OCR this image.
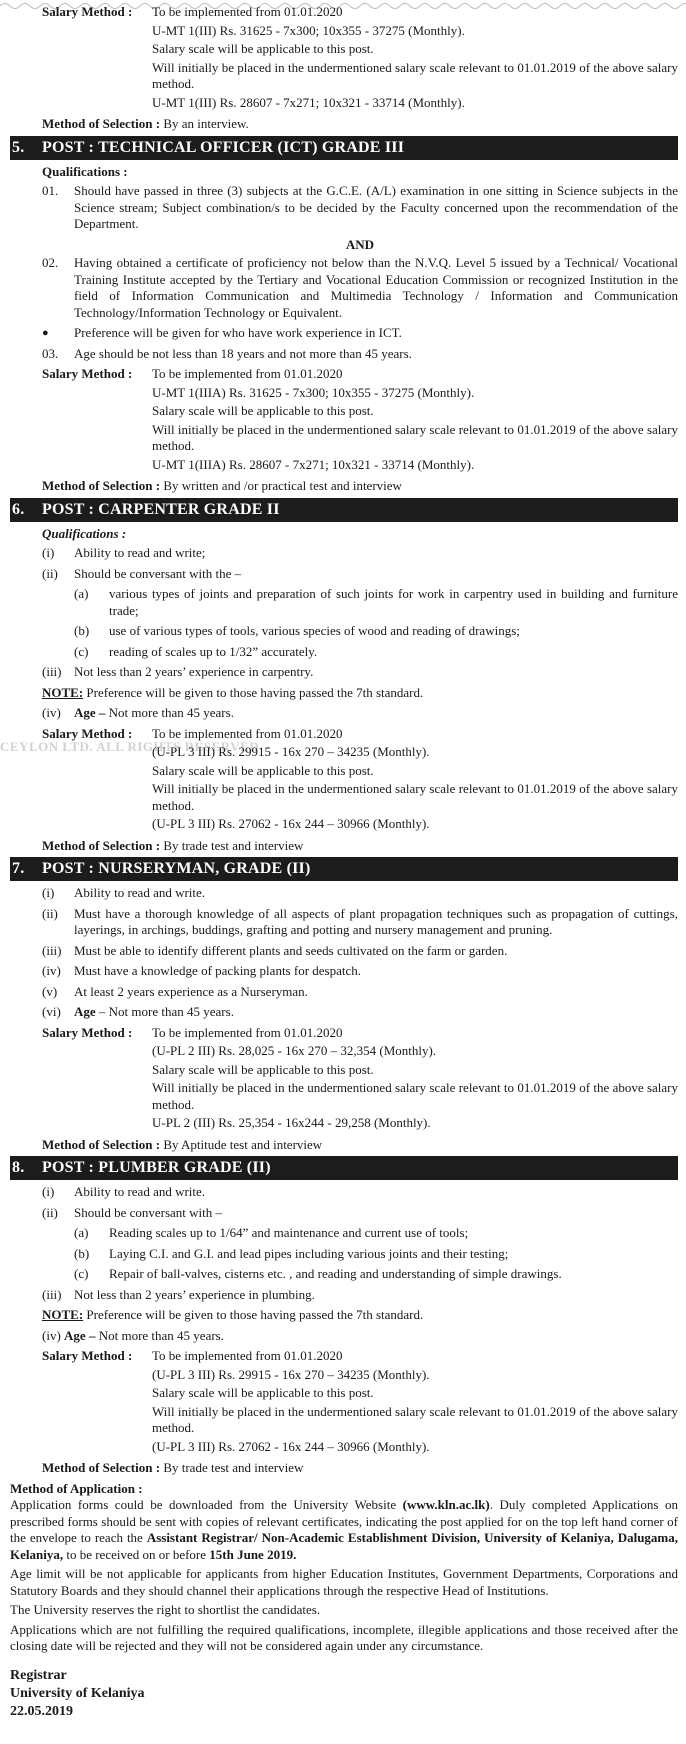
CEYLON LTD. ALL RIGHTS RESERVED
Salary Method :	To be implemented from 01.01.2020
U-MT 1(III) Rs. 31625 - 7x300; 10x355 - 37275 (Monthly).
Salary scale will be applicable to this post.
Will initially be placed in the undermentioned salary scale relevant to 01.01.2019 of the above salary method.
U-MT 1(III) Rs. 28607 - 7x271; 10x321 - 33714 (Monthly).
Method of Selection : By an interview.
5. POST : TECHNICAL OFFICER (ICT) GRADE III
Qualifications :
01.	Should have passed in three (3) subjects at the G.C.E. (A/L) examination in one sitting in Science subjects in the Science stream; Subject combination/s to be decided by the Faculty concerned upon the recommendation of the Department.
AND
02.	Having obtained a certificate of proficiency not below than the N.V.Q. Level 5 issued by a Technical/ Vocational Training Institute accepted by the Tertiary and Vocational Education Commission or recognized Institution in the field of Information Communication and Multimedia Technology / Information and Communication Technology/Information Technology or Equivalent.
●	Preference will be given for who have work experience in ICT.
03.	Age should be not less than 18 years and not more than 45 years.
Salary Method :	To be implemented from 01.01.2020
U-MT 1(IIIA) Rs. 31625 - 7x300; 10x355 - 37275 (Monthly).
Salary scale will be applicable to this post.
Will initially be placed in the undermentioned salary scale relevant to 01.01.2019 of the above salary method.
U-MT 1(IIIA) Rs. 28607 - 7x271; 10x321 - 33714 (Monthly).
Method of Selection : By written and /or practical test and interview
6. POST : CARPENTER GRADE II
Qualifications :
(i)	Ability to read and write;
(ii)	Should be conversant with the –
(a)	various types of joints and preparation of such joints for work in carpentry used in building and furniture trade;
(b)	use of various types of tools, various species of wood and reading of drawings;
(c)	reading of scales up to 1/32” accurately.
(iii) Not less than 2 years’ experience in carpentry.
NOTE: Preference will be given to those having passed the 7th standard.
(iv)	Age – Not more than 45 years.
Salary Method :	To be implemented from 01.01.2020
(U-PL 3 III) Rs. 29915 - 16x 270 – 34235 (Monthly).
Salary scale will be applicable to this post.
Will initially be placed in the undermentioned salary scale relevant to 01.01.2019 of the above salary method.
(U-PL 3 III) Rs. 27062 - 16x 244 – 30966 (Monthly).
Method of Selection : By trade test and interview
7. POST : NURSERYMAN, GRADE (II)
(i)	Ability to read and write.
(ii)	Must have a thorough knowledge of all aspects of plant propagation techniques such as propagation of cuttings, layerings, in archings, buddings, grafting and potting and nursery management and pruning.
(iii) Must be able to identify different plants and seeds cultivated on the farm or garden.
(iv)	Must have a knowledge of packing plants for despatch.
(v)	At least 2 years experience as a Nurseryman.
(vi)	Age – Not more than 45 years.
Salary Method :	To be implemented from 01.01.2020
(U-PL 2 III) Rs. 28,025 - 16x 270 – 32,354 (Monthly).
Salary scale will be applicable to this post.
Will initially be placed in the undermentioned salary scale relevant to 01.01.2019 of the above salary method.
U-PL 2 (III) Rs. 25,354 - 16x244 - 29,258 (Monthly).
Method of Selection : By Aptitude test and interview
8. POST : PLUMBER GRADE (II)
(i)	Ability to read and write.
(ii)	Should be conversant with –
(a)	Reading scales up to 1/64” and maintenance and current use of tools;
(b)	Laying C.I. and G.I. and lead pipes including various joints and their testing;
(c)	Repair of ball-valves, cisterns etc. , and reading and understanding of simple drawings.
(iii) Not less than 2 years’ experience in plumbing.
NOTE: Preference will be given to those having passed the 7th standard.
(iv) Age – Not more than 45 years.
Salary Method :	To be implemented from 01.01.2020
(U-PL 3 III) Rs. 29915 - 16x 270 – 34235 (Monthly).
Salary scale will be applicable to this post.
Will initially be placed in the undermentioned salary scale relevant to 01.01.2019 of the above salary method.
(U-PL 3 III) Rs. 27062 - 16x 244 – 30966 (Monthly).
Method of Selection : By trade test and interview
Method of Application :
Application forms could be downloaded from the University Website (www.kln.ac.lk). Duly completed Applications on prescribed forms should be sent with copies of relevant certificates, indicating the post applied for on the top left hand corner of the envelope to reach the Assistant Registrar/ Non-Academic Establishment Division, University of Kelaniya, Dalugama, Kelaniya, to be received on or before 15th June 2019.
Age limit will be not applicable for applicants from higher Education Institutes, Government Departments, Corporations and Statutory Boards and they should channel their applications through the respective Head of Institutions.
The University reserves the right to shortlist the candidates.
Applications which are not fulfilling the required qualifications, incomplete, illegible applications and those received after the closing date will be rejected and they will not be considered again under any circumstance.
Registrar
University of Kelaniya
22.05.2019
